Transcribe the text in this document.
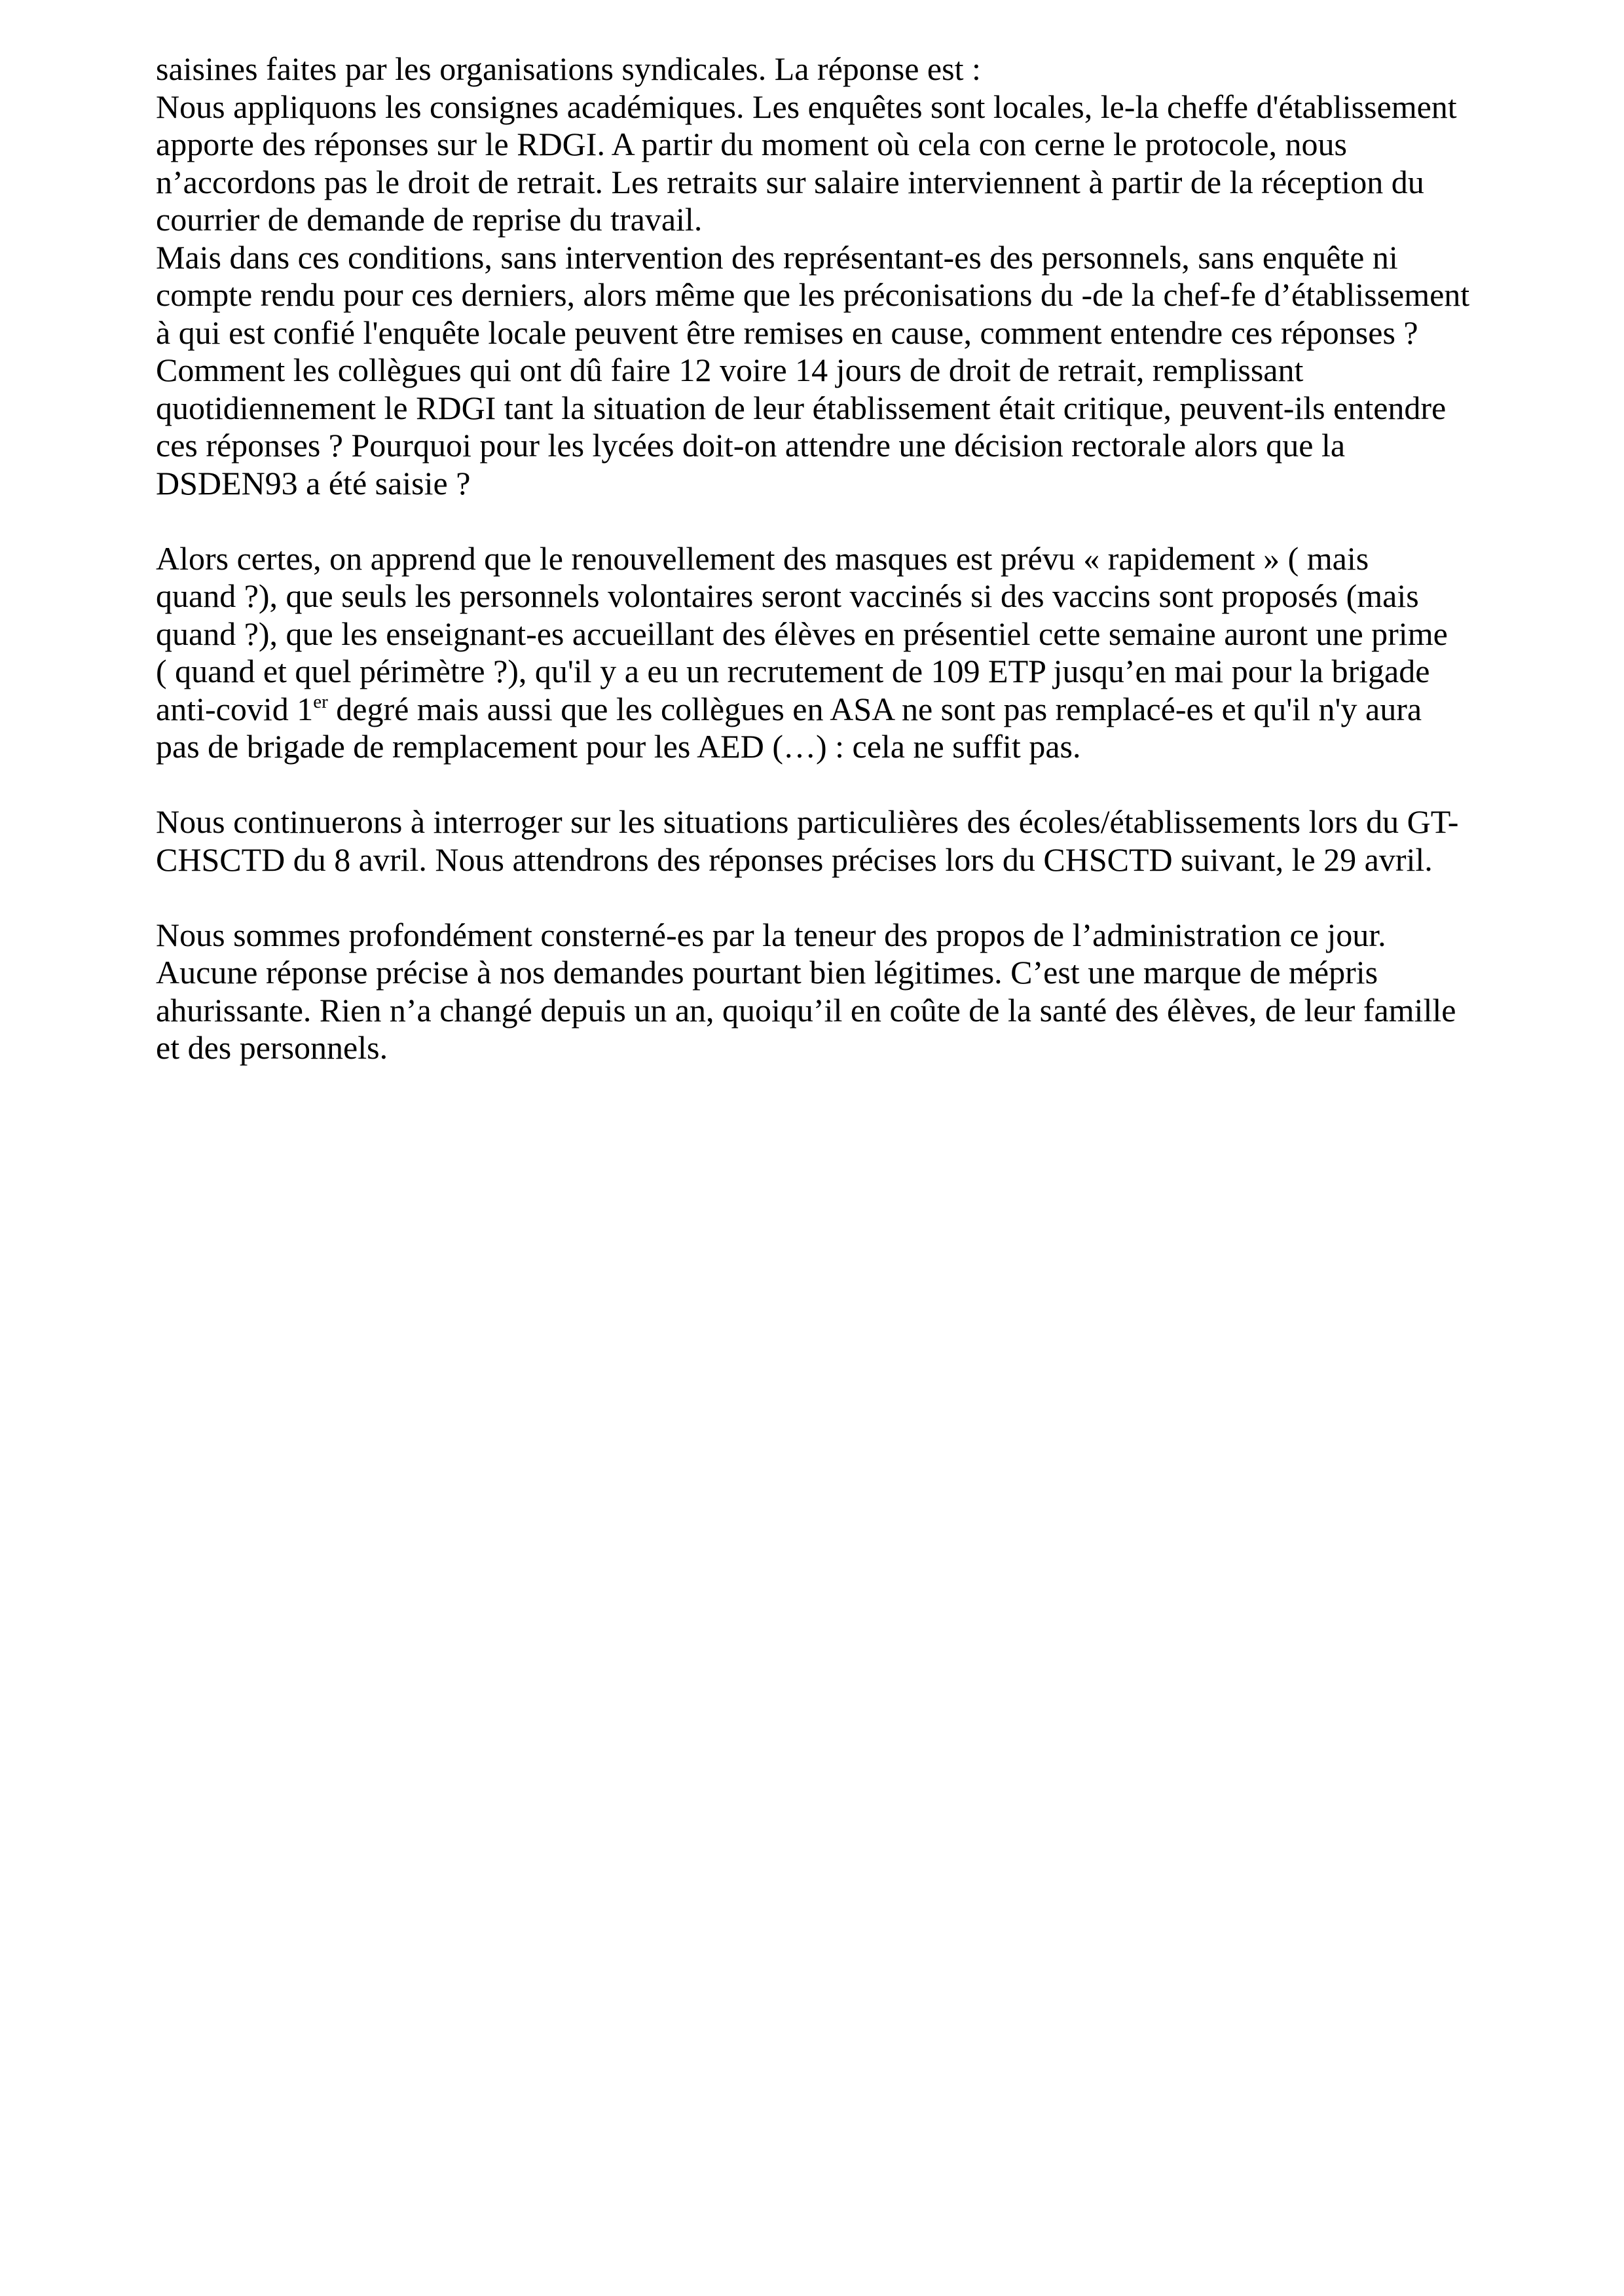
saisines faites par les organisations syndicales. La réponse est :
Nous appliquons les consignes académiques. Les enquêtes sont locales, le-la cheffe d'établissement
apporte des réponses sur le RDGI. A partir du moment où cela con cerne le protocole, nous
n’accordons pas le droit de retrait. Les retraits sur salaire interviennent à partir de la réception du
courrier de demande de reprise du travail.
Mais dans ces conditions, sans intervention des représentant-es des personnels, sans enquête ni
compte rendu pour ces derniers, alors même que les préconisations du -de la chef-fe d’établissement
à qui est confié l'enquête locale peuvent être remises en cause, comment entendre ces réponses ?
Comment les collègues qui ont dû faire 12 voire 14 jours de droit de retrait, remplissant
quotidiennement le RDGI tant la situation de leur établissement était critique, peuvent-ils entendre
ces réponses ? Pourquoi pour les lycées doit-on attendre une décision rectorale alors que la
DSDEN93 a été saisie ?
Alors certes, on apprend que le renouvellement des masques est prévu « rapidement » ( mais
quand ?), que seuls les personnels volontaires seront vaccinés si des vaccins sont proposés (mais
quand ?), que les enseignant-es accueillant des élèves en présentiel cette semaine auront une prime
( quand et quel périmètre ?), qu'il y a eu un recrutement de 109 ETP jusqu’en mai pour la brigade
anti-covid 1er degré mais aussi que les collègues en ASA ne sont pas remplacé-es et qu'il n'y aura
pas de brigade de remplacement pour les AED (…) : cela ne suffit pas.
Nous continuerons à interroger sur les situations particulières des écoles/établissements lors du GT-
CHSCTD du 8 avril. Nous attendrons des réponses précises lors du CHSCTD suivant, le 29 avril.
Nous sommes profondément consterné-es par la teneur des propos de l’administration ce jour.
Aucune réponse précise à nos demandes pourtant bien légitimes. C’est une marque de mépris
ahurissante. Rien n’a changé depuis un an, quoiqu’il en coûte de la santé des élèves, de leur famille
et des personnels.
